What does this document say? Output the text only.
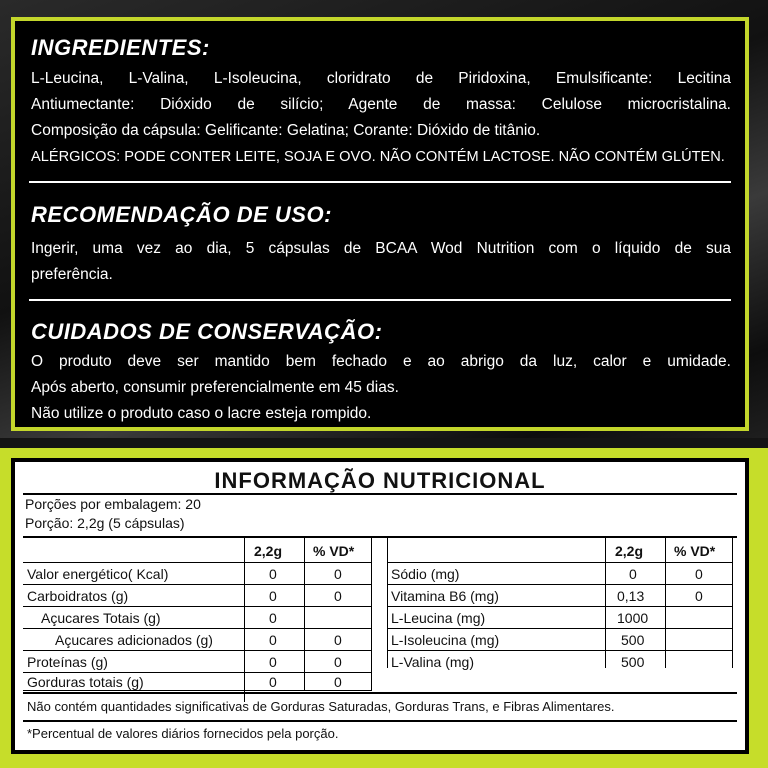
INGREDIENTES:
L-Leucina, L-Valina, L-Isoleucina, cloridrato de Piridoxina, Emulsificante: Lecitina
Antiumectante: Dióxido de silício; Agente de massa: Celulose microcristalina.
Composição da cápsula: Gelificante: Gelatina; Corante: Dióxido de titânio.
ALÉRGICOS: PODE CONTER LEITE, SOJA E OVO. NÃO CONTÉM LACTOSE. NÃO CONTÉM GLÚTEN.
RECOMENDAÇÃO DE USO:
Ingerir, uma vez ao dia, 5 cápsulas de BCAA Wod Nutrition com o líquido de sua
preferência.
CUIDADOS DE CONSERVAÇÃO:
O produto deve ser mantido bem fechado e ao abrigo da luz, calor e umidade.
Após aberto, consumir preferencialmente em 45 dias.
Não utilize o produto caso o lacre esteja rompido.
INFORMAÇÃO NUTRICIONAL
Porções por embalagem: 20
Porção: 2,2g (5 cápsulas)
2,2g % VD*	2,2g % VD*
Valor energético( Kcal)	0	0
Carboidratos (g)	0	0
Açucares Totais (g)	0
Açucares adicionados (g)	0	0
Proteínas (g)	0	0
Gorduras totais (g)	0	0
Sódio (mg)	0	0
Vitamina B6 (mg)	0,13	0
L-Leucina (mg)	1000
L-Isoleucina (mg)	500
L-Valina (mg)	500
Não contém quantidades significativas de Gorduras Saturadas, Gorduras Trans, e Fibras Alimentares.
*Percentual de valores diários fornecidos pela porção.
